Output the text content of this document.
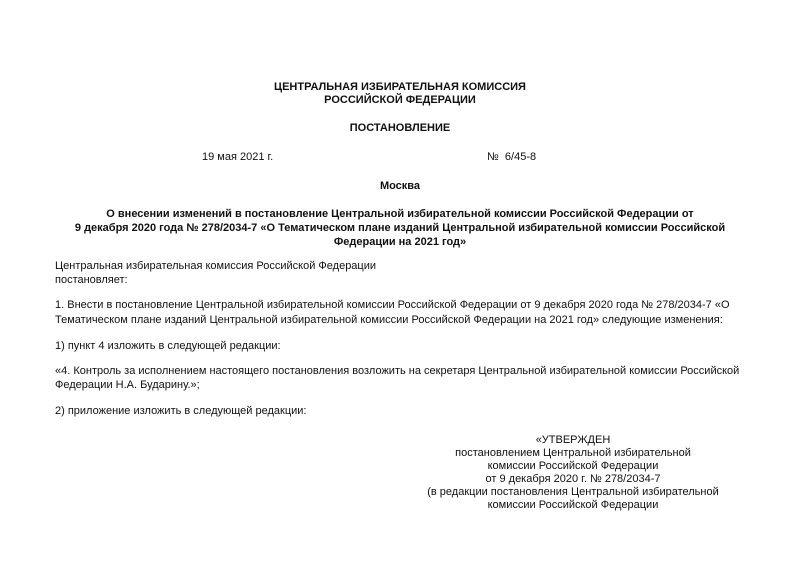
ЦЕНТРАЛЬНАЯ ИЗБИРАТЕЛЬНАЯ КОМИССИЯ
РОССИЙСКОЙ ФЕДЕРАЦИИ
ПОСТАНОВЛЕНИЕ
19 мая 2021 г.	№  6/45-8
Москва
О внесении изменений в постановление Центральной избирательной комиссии Российской Федерации от
9 декабря 2020 года № 278/2034-7 «О Тематическом плане изданий Центральной избирательной комиссии Российской
Федерации на 2021 год»
Центральная избирательная комиссия Российской Федерации
постановляет:
1. Внести в постановление Центральной избирательной комиссии Российской Федерации от 9 декабря 2020 года № 278/2034-7 «О
Тематическом плане изданий Центральной избирательной комиссии Российской Федерации на 2021 год» следующие изменения:
1) пункт 4 изложить в следующей редакции:
«4. Контроль за исполнением настоящего постановления возложить на секретаря Центральной избирательной комиссии Российской
Федерации Н.А. Бударину.»;
2) приложение изложить в следующей редакции:
«УТВЕРЖДЕН
постановлением Центральной избирательной
комиссии Российской Федерации
от 9 декабря 2020 г. № 278/2034-7
(в редакции постановления Центральной избирательной
комиссии Российской Федерации
